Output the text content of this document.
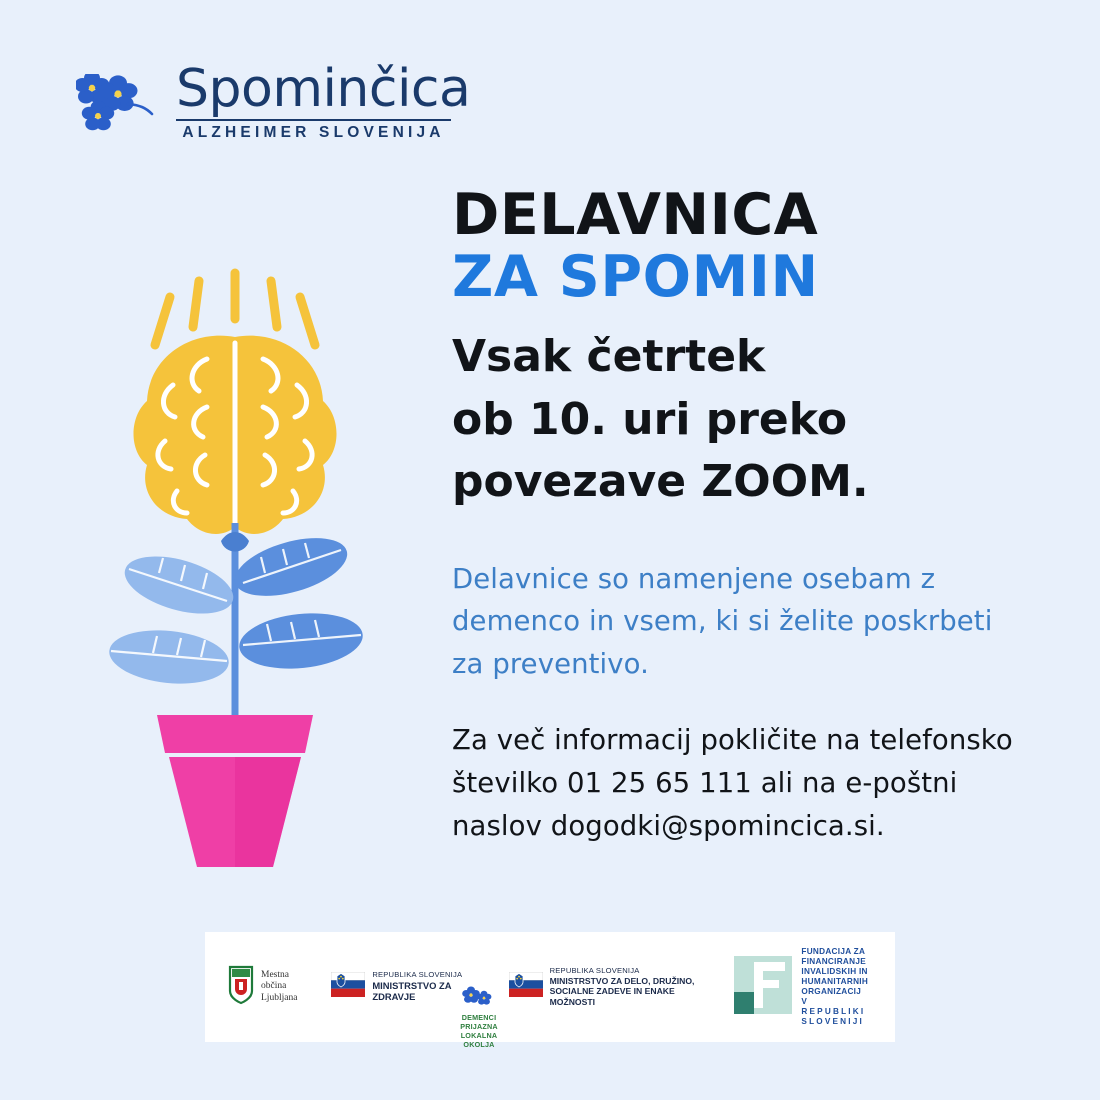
Spominčica
ALZHEIMER SLOVENIJA
DELAVNICA
ZA SPOMIN
Vsak četrtek
ob 10. uri preko
povezave ZOOM.
Delavnice so namenjene osebam z demenco in vsem, ki si želite poskrbeti za preventivo.
Za več informacij pokličite na telefonsko številko 01 25 65 111 ali na e-poštni naslov dogodki@spomincica.si.
Mestna občina
Ljubljana
REPUBLIKA SLOVENIJA
MINISTRSTVO ZA ZDRAVJE
REPUBLIKA SLOVENIJA
MINISTRSTVO ZA DELO, DRUŽINO,
SOCIALNE ZADEVE IN ENAKE MOŽNOSTI
FUNDACIJA ZA
FINANCIRANJE
INVALIDSKIH IN
HUMANITARNIH
ORGANIZACIJ
V REPUBLIKI
SLOVENIJI
DEMENCI
PRIJAZNA
LOKALNA
OKOLJA
